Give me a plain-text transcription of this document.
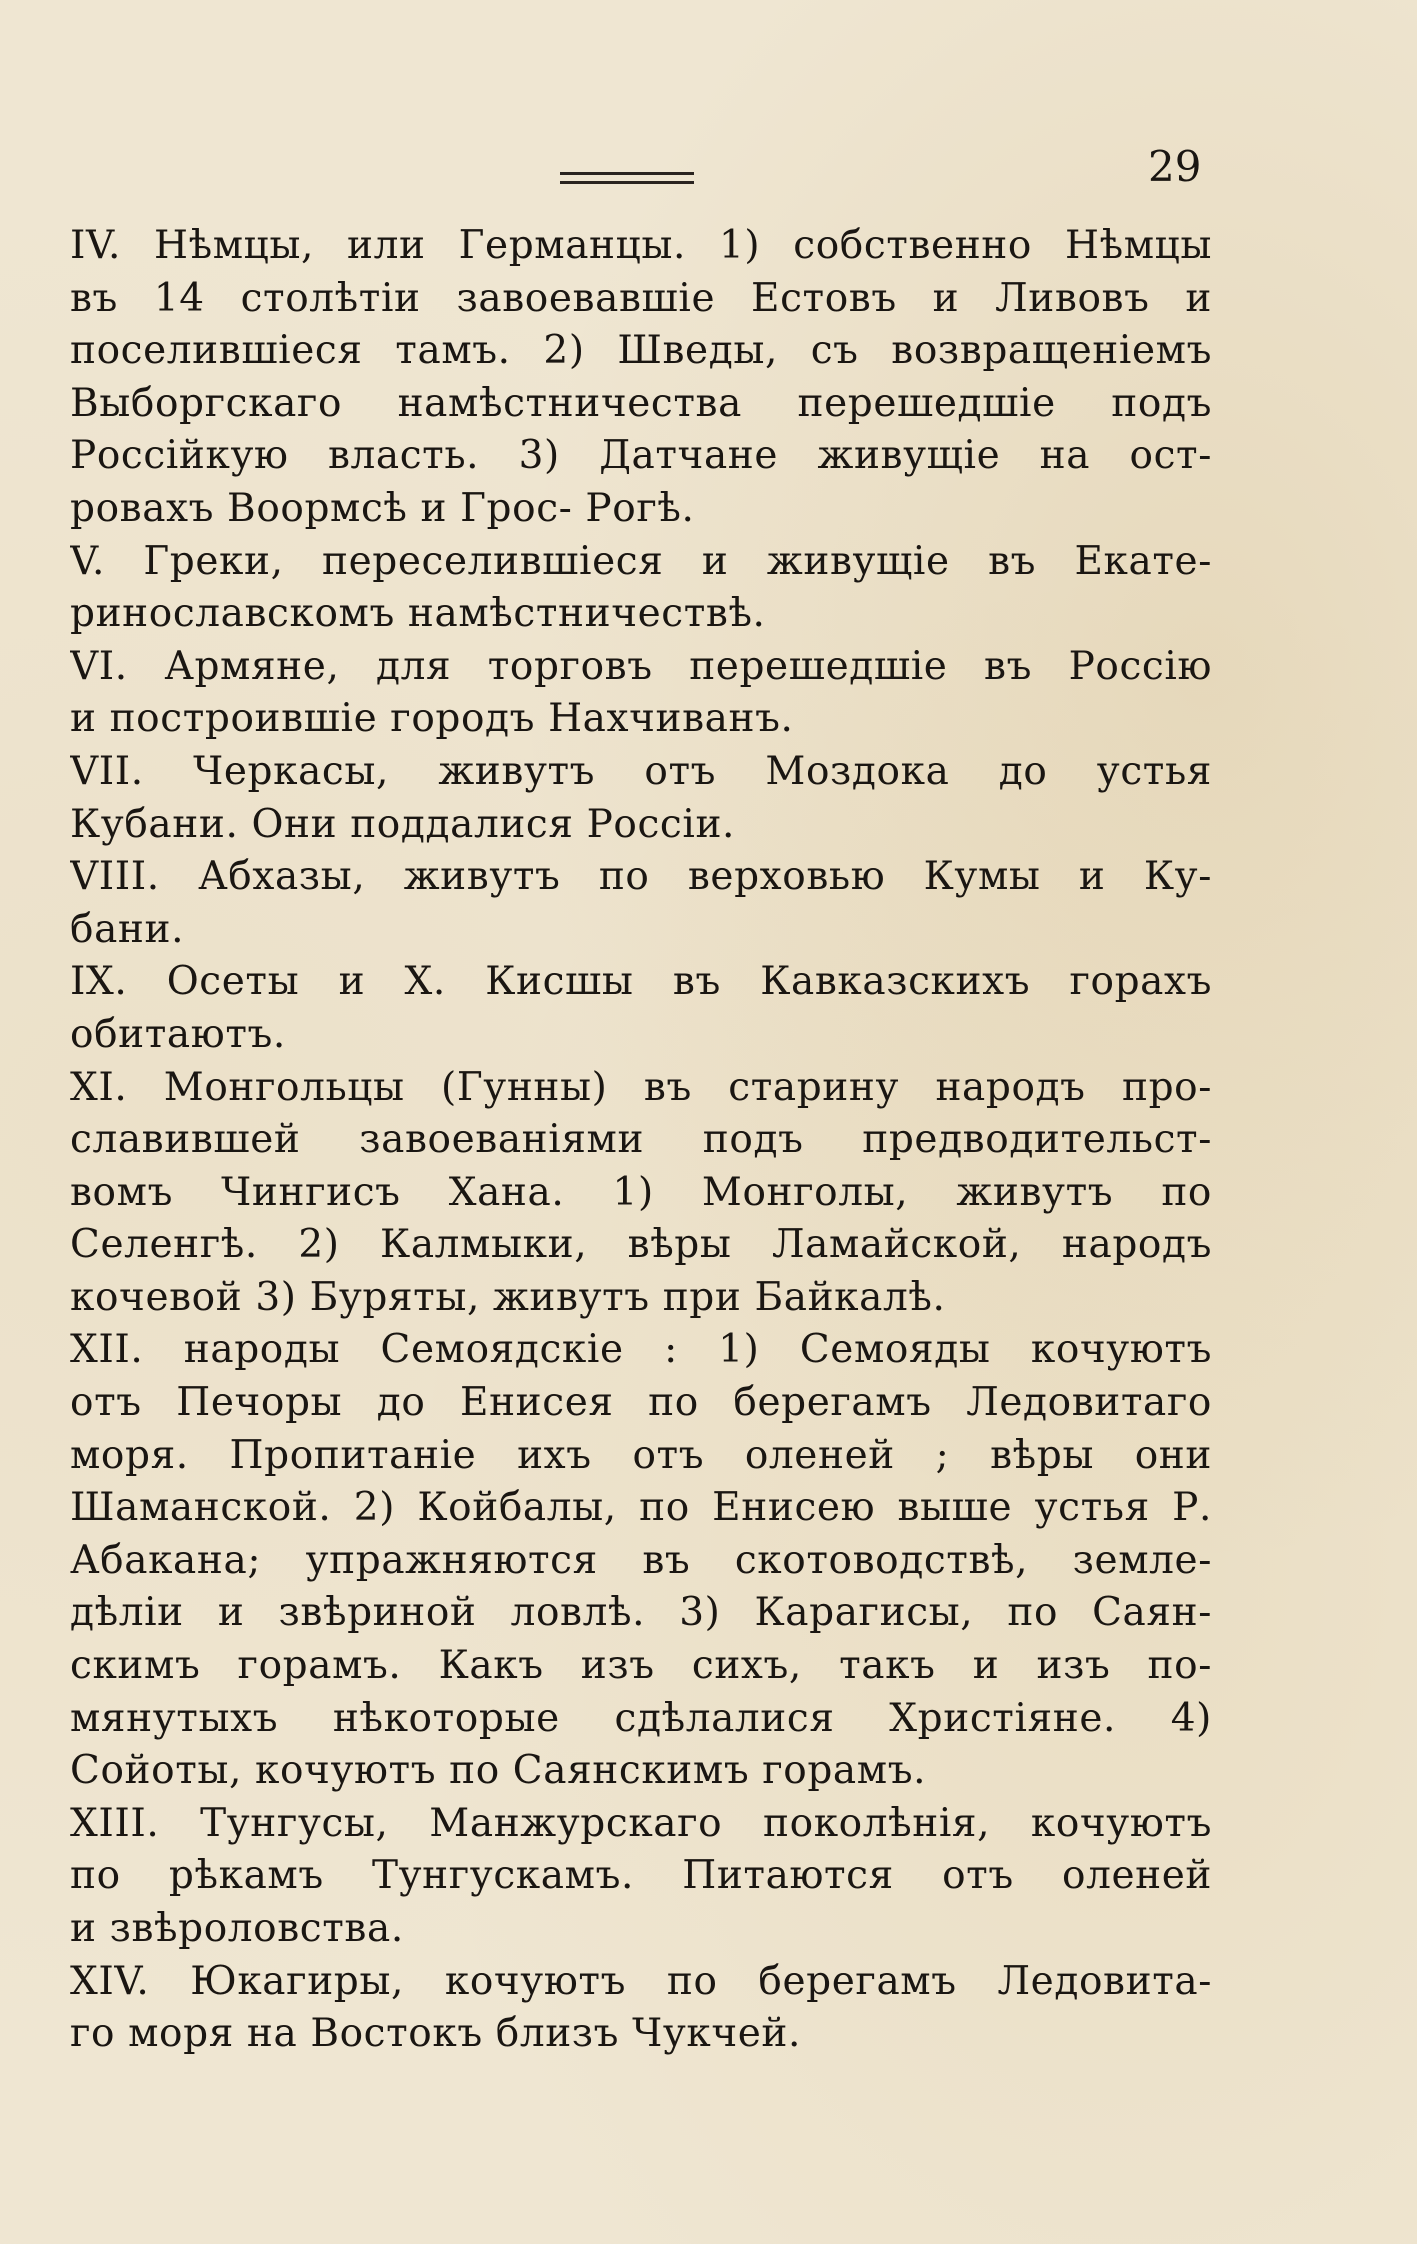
29
IV. Нѣмцы, или Германцы. 1) собственно Нѣмцы
въ 14 столѣтiи завоевавшiе Естовъ и Ливовъ и
поселившiеся тамъ. 2) Шведы, съ возвращенiемъ
Выборгскаго намѣстничества перешедшiе подъ
Россiйкую власть. 3) Датчане живущiе на ост-
ровахъ Воормсѣ и Грос- Рогѣ.
V. Греки, переселившiеся и живущiе въ Екате-
ринославскомъ намѣстничествѣ.
VI. Армяне, для торговъ перешедшiе въ Россiю
и построившiе городъ Нахчиванъ.
VII. Черкасы, живутъ отъ Моздока до устья
Кубани. Они поддалися Россiи.
VIII. Абхазы, живутъ по верховью Кумы и Ку-
бани.
IX. Осеты и X. Кисшы въ Кавказскихъ горахъ
обитаютъ.
XI. Монгольцы (Гунны) въ старину народъ про-
славившей завоеванiями подъ предводительст-
вомъ Чингисъ Хана. 1) Монголы, живутъ по
Селенгѣ. 2) Калмыки, вѣры Ламайской, народъ
кочевой 3) Буряты, живутъ при Байкалѣ.
XII. народы Семоядскiе : 1) Семояды кочуютъ
отъ Печоры до Енисея по берегамъ Ледовитаго
моря. Пропитанiе ихъ отъ оленей ; вѣры они
Шаманской. 2) Койбалы, по Енисею выше устья Р.
Абакана; упражняются въ скотоводствѣ, земле-
дѣлiи и звѣриной ловлѣ. 3) Карагисы, по Саян-
скимъ горамъ. Какъ изъ сихъ, такъ и изъ по-
мянутыхъ нѣкоторые сдѣлалися Христiяне. 4)
Сойоты, кочуютъ по Саянскимъ горамъ.
XIII. Тунгусы, Манжурскаго поколѣнiя, кочуютъ
по рѣкамъ Тунгускамъ. Питаются отъ оленей
и звѣроловства.
XIV. Юкагиры, кочуютъ по берегамъ Ледовита-
го моря на Востокъ близъ Чукчей.
